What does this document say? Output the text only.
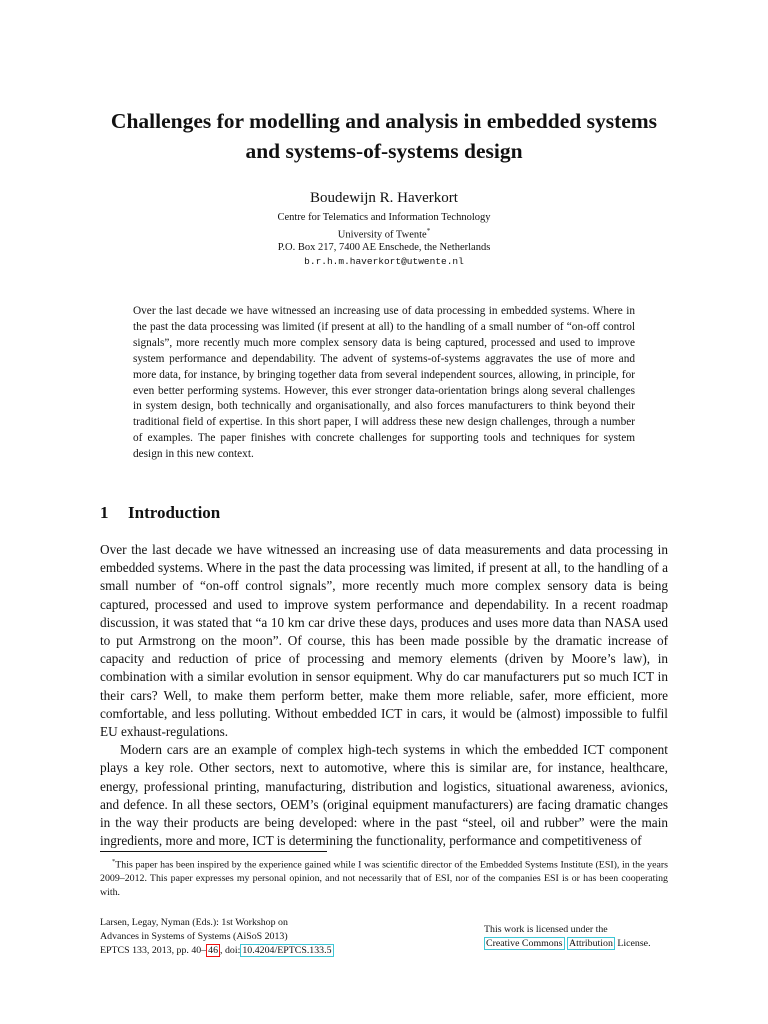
Challenges for modelling and analysis in embedded systems
and systems-of-systems design
Boudewijn R. Haverkort
Centre for Telematics and Information Technology
University of Twente*
P.O. Box 217, 7400 AE Enschede, the Netherlands
b.r.h.m.haverkort@utwente.nl

Over the last decade we have witnessed an increasing use of data processing in embedded systems. Where in the past the data processing was limited (if present at all) to the handling of a small number of “on-off control signals”, more recently much more complex sensory data is being captured, processed and used to improve system performance and dependability. The advent of systems-of-systems aggravates the use of more and more data, for instance, by bringing together data from several independent sources, allowing, in principle, for even better performing systems. However, this ever stronger data-orientation brings along several challenges in system design, both technically and organisationally, and also forces manufacturers to think beyond their traditional field of expertise. In this short paper, I will address these new design challenges, through a number of examples. The paper finishes with concrete challenges for supporting tools and techniques for system design in this new context.

1 Introduction

Over the last decade we have witnessed an increasing use of data measurements and data processing in embedded systems. Where in the past the data processing was limited, if present at all, to the handling of a small number of “on-off control signals”, more recently much more complex sensory data is being captured, processed and used to improve system performance and dependability. In a recent roadmap discussion, it was stated that “a 10 km car drive these days, produces and uses more data than NASA used to put Armstrong on the moon”. Of course, this has been made possible by the dramatic increase of capacity and reduction of price of processing and memory elements (driven by Moore’s law), in combination with a similar evolution in sensor equipment. Why do car manufacturers put so much ICT in their cars? Well, to make them perform better, make them more reliable, safer, more efficient, more comfortable, and less polluting. Without embedded ICT in cars, it would be (almost) impossible to fulfil EU exhaust-regulations.

Modern cars are an example of complex high-tech systems in which the embedded ICT component plays a key role. Other sectors, next to automotive, where this is similar are, for instance, healthcare, energy, professional printing, manufacturing, distribution and logistics, situational awareness, avionics, and defence. In all these sectors, OEM’s (original equipment manufacturers) are facing dramatic changes in the way their products are being developed: where in the past “steel, oil and rubber” were the main ingredients, more and more, ICT is determining the functionality, performance and competitiveness of

*This paper has been inspired by the experience gained while I was scientific director of the Embedded Systems Institute (ESI), in the years 2009–2012. This paper expresses my personal opinion, and not necessarily that of ESI, nor of the companies ESI is or has been cooperating with.

Larsen, Legay, Nyman (Eds.): 1st Workshop on
Advances in Systems of Systems (AiSoS 2013)
EPTCS 133, 2013, pp. 40– 46 , doi: 10.4204/EPTCS.133.5
This work is licensed under the
Creative Commons Attribution License.
